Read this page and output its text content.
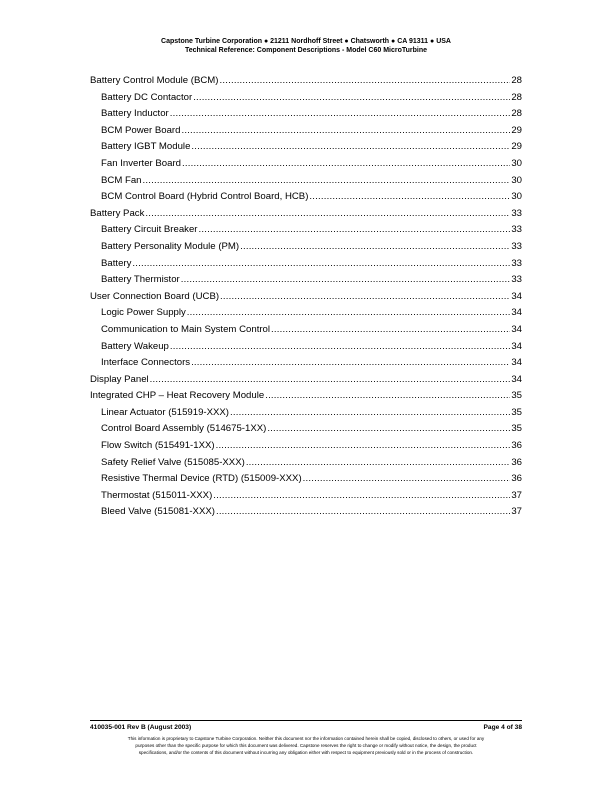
Capstone Turbine Corporation ● 21211 Nordhoff Street ● Chatsworth ● CA 91311 ● USA
Technical Reference: Component Descriptions - Model C60 MicroTurbine
Battery Control Module (BCM) .....	28
Battery DC Contactor .....	28
Battery Inductor .....	28
BCM Power Board .....	29
Battery IGBT Module .....	29
Fan Inverter Board .....	30
BCM Fan .....	30
BCM Control Board (Hybrid Control Board, HCB) .....	30
Battery Pack .....	33
Battery Circuit Breaker .....	33
Battery Personality Module (PM) .....	33
Battery .....	33
Battery Thermistor .....	33
User Connection Board (UCB) .....	34
Logic Power Supply .....	34
Communication to Main System Control .....	34
Battery Wakeup .....	34
Interface Connectors .....	34
Display Panel .....	34
Integrated CHP – Heat Recovery Module .....	35
Linear Actuator (515919-XXX) .....	35
Control Board Assembly (514675-1XX) .....	35
Flow Switch (515491-1XX) .....	36
Safety Relief Valve (515085-XXX) .....	36
Resistive Thermal Device (RTD) (515009-XXX) .....	36
Thermostat (515011-XXX) .....	37
Bleed Valve (515081-XXX) .....	37
410035-001 Rev B (August 2003)	Page 4 of 38
This information is proprietary to Capstone Turbine Corporation. Neither this document nor the information contained herein shall be copied, disclosed to others, or used for any
purposes other than the specific purpose for which this document was delivered. Capstone reserves the right to change or modify without notice, the design, the product
specifications, and/or the contents of this document without incurring any obligation either with respect to equipment previously sold or in the process of construction.
